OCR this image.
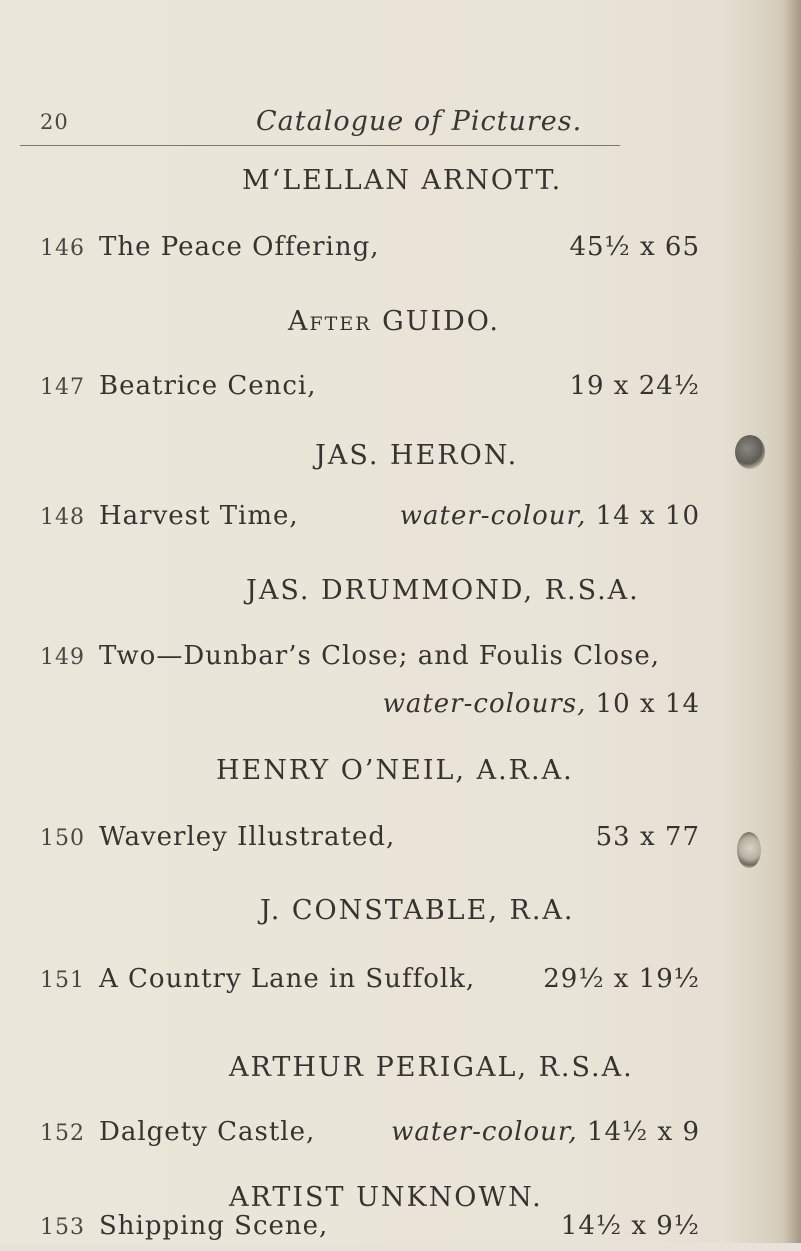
20	Catalogue of Pictures.
M‘LELLAN ARNOTT.
146 The Peace Offering,	45½ x 65
After GUIDO.
147 Beatrice Cenci,	19 x 24½
JAS. HERON.
148 Harvest Time,	water-colour, 14 x 10
JAS. DRUMMOND, R.S.A.
149 Two—Dunbar’s Close; and Foulis Close,
water-colours, 10 x 14
HENRY O’NEIL, A.R.A.
150 Waverley Illustrated,	53 x 77
J. CONSTABLE, R.A.
151 A Country Lane in Suffolk,	29½ x 19½
ARTHUR PERIGAL, R.S.A.
152 Dalgety Castle,	water-colour, 14½ x 9
ARTIST UNKNOWN.
153 Shipping Scene,	14½ x 9½
